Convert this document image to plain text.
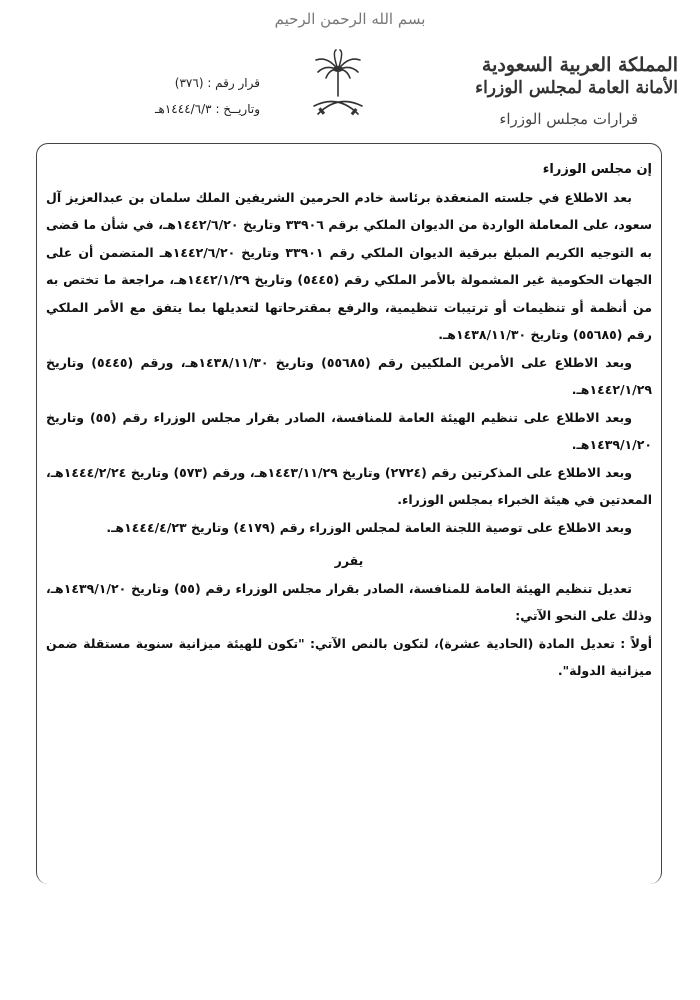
بسم الله الرحمن الرحيم
المملكة العربية السعودية
الأمانة العامة لمجلس الوزراء
قرارات مجلس الوزراء
قرار رقم : (٣٧٦)
وتاريــخ : ١٤٤٤/٦/٣هـ

إن مجلس الوزراء

بعد الاطلاع في جلسته المنعقدة برئاسة خادم الحرمين الشريفين الملك سلمان بن عبدالعزيز آل سعود، على المعاملة الواردة من الديوان الملكي برقم ٣٣٩٠٦ وتاريخ ١٤٤٢/٦/٢٠هـ، في شأن ما قضى به التوجيه الكريم المبلغ ببرقية الديوان الملكي رقم ٣٣٩٠١ وتاريخ ١٤٤٢/٦/٢٠هـ المتضمن أن على الجهات الحكومية غير المشمولة بالأمر الملكي رقم (٥٤٤٥) وتاريخ ١٤٤٢/١/٢٩هـ، مراجعة ما تختص به من أنظمة أو تنظيمات أو ترتيبات تنظيمية، والرفع بمقترحاتها لتعديلها بما يتفق مع الأمر الملكي رقم (٥٥٦٨٥) وتاريخ ١٤٣٨/١١/٣٠هـ.

وبعد الاطلاع على الأمرين الملكيين رقم (٥٥٦٨٥) وتاريخ ١٤٣٨/١١/٣٠هـ، ورقم (٥٤٤٥) وتاريخ ١٤٤٢/١/٢٩هـ.

وبعد الاطلاع على تنظيم الهيئة العامة للمنافسة، الصادر بقرار مجلس الوزراء رقم (٥٥) وتاريخ ١٤٣٩/١/٢٠هـ.

وبعد الاطلاع على المذكرتين رقم (٢٧٢٤) وتاريخ ١٤٤٣/١١/٢٩هـ، ورقم (٥٧٣) وتاريخ ١٤٤٤/٢/٢٤هـ، المعدتين في هيئة الخبراء بمجلس الوزراء.

وبعد الاطلاع على توصية اللجنة العامة لمجلس الوزراء رقم (٤١٧٩) وتاريخ ١٤٤٤/٤/٢٣هـ.

يقرر

تعديل تنظيم الهيئة العامة للمنافسة، الصادر بقرار مجلس الوزراء رقم (٥٥) وتاريخ ١٤٣٩/١/٢٠هـ، وذلك على النحو الآتي:

أولاً : تعديل المادة (الحادية عشرة)، لتكون بالنص الآتي: "تكون للهيئة ميزانية سنوية مستقلة ضمن ميزانية الدولة".
